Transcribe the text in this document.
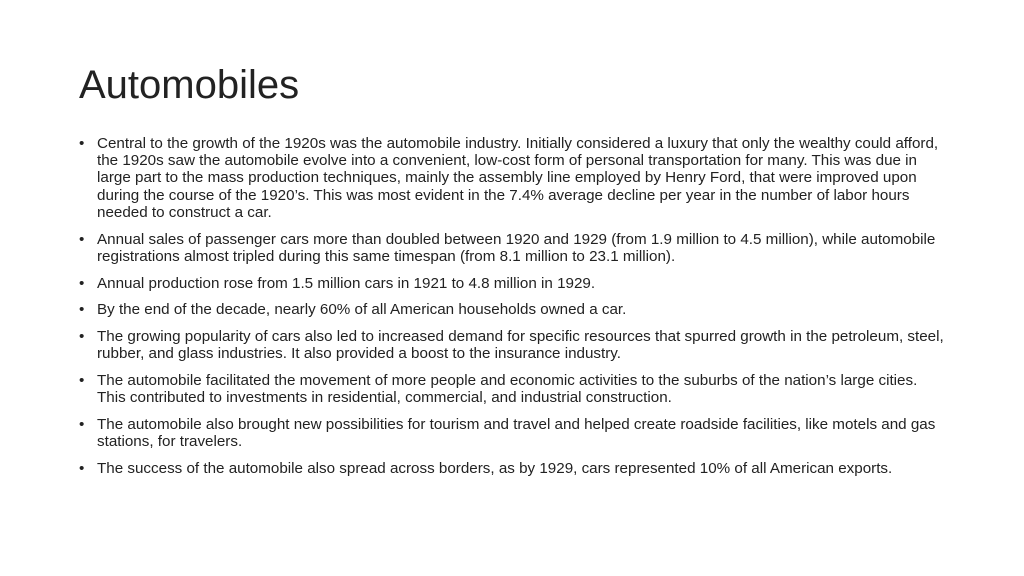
Automobiles
• Central to the growth of the 1920s was the automobile industry. Initially considered a luxury that only the wealthy could afford, the 1920s saw the automobile evolve into a convenient, low-cost form of personal transportation for many. This was due in large part to the mass production techniques, mainly the assembly line employed by Henry Ford, that were improved upon during the course of the 1920’s. This was most evident in the 7.4% average decline per year in the number of labor hours needed to construct a car.
• Annual sales of passenger cars more than doubled between 1920 and 1929 (from 1.9 million to 4.5 million), while automobile registrations almost tripled during this same timespan (from 8.1 million to 23.1 million).
• Annual production rose from 1.5 million cars in 1921 to 4.8 million in 1929.
• By the end of the decade, nearly 60% of all American households owned a car.
• The growing popularity of cars also led to increased demand for specific resources that spurred growth in the petroleum, steel, rubber, and glass industries. It also provided a boost to the insurance industry.
• The automobile facilitated the movement of more people and economic activities to the suburbs of the nation’s large cities. This contributed to investments in residential, commercial, and industrial construction.
• The automobile also brought new possibilities for tourism and travel and helped create roadside facilities, like motels and gas stations, for travelers.
• The success of the automobile also spread across borders, as by 1929, cars represented 10% of all American exports.
